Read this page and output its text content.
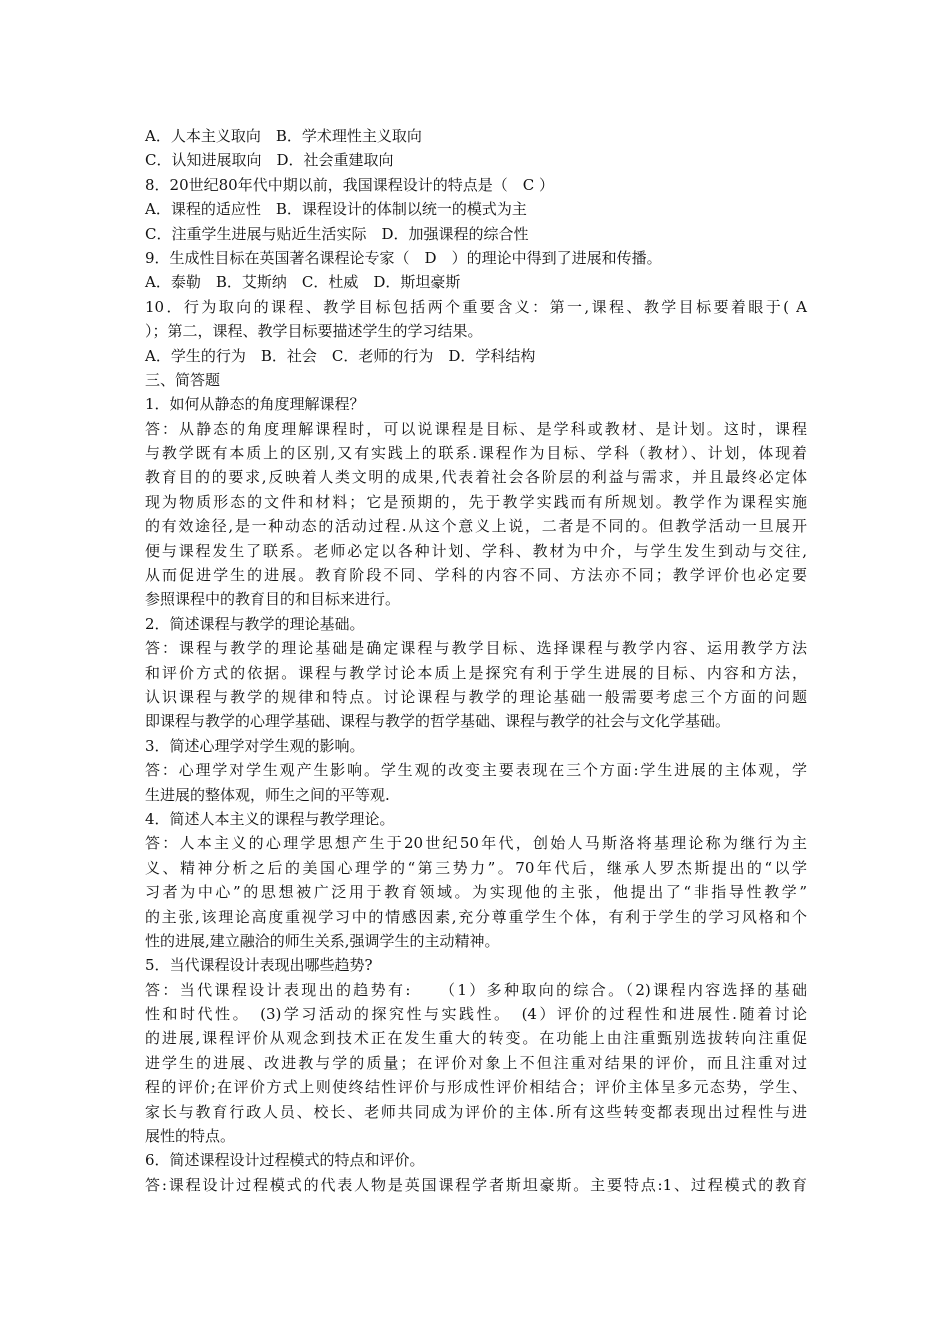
A．人本主义取向　B．学术理性主义取向
C．认知进展取向　D．社会重建取向
8．20世纪80年代中期以前，我国课程设计的特点是（　C ）
A．课程的适应性　B．课程设计的体制以统一的模式为主
C．注重学生进展与贴近生活实际　D．加强课程的综合性
9．生成性目标在英国著名课程论专家（　D　）的理论中得到了进展和传播。
A．泰勒　B．艾斯纳　C．杜威　D．斯坦豪斯
10．行为取向的课程、教学目标包括两个重要含义：第一,课程、教学目标要着眼于( A
）；第二，课程、教学目标要描述学生的学习结果。
A．学生的行为　B．社会　C．老师的行为　D．学科结构
三、简答题
1．如何从静态的角度理解课程？
答：从静态的角度理解课程时，可以说课程是目标、是学科或教材、是计划。这时，课程
与教学既有本质上的区别,又有实践上的联系.课程作为目标、学科（教材）、计划，体现着
教育目的的要求,反映着人类文明的成果,代表着社会各阶层的利益与需求，并且最终必定体
现为物质形态的文件和材料；它是预期的，先于教学实践而有所规划。教学作为课程实施
的有效途径,是一种动态的活动过程.从这个意义上说，二者是不同的。但教学活动一旦展开
便与课程发生了联系。老师必定以各种计划、学科、教材为中介，与学生发生到动与交往,
从而促进学生的进展。教育阶段不同、学科的内容不同、方法亦不同；教学评价也必定要
参照课程中的教育目的和目标来进行。
2．简述课程与教学的理论基础。
答：课程与教学的理论基础是确定课程与教学目标、选择课程与教学内容、运用教学方法
和评价方式的依据。课程与教学讨论本质上是探究有利于学生进展的目标、内容和方法，
认识课程与教学的规律和特点。讨论课程与教学的理论基础一般需要考虑三个方面的问题
即课程与教学的心理学基础、课程与教学的哲学基础、课程与教学的社会与文化学基础。
3．简述心理学对学生观的影响。
答：心理学对学生观产生影响。学生观的改变主要表现在三个方面:学生进展的主体观，学
生进展的整体观，师生之间的平等观.
4．简述人本主义的课程与教学理论。
答：人本主义的心理学思想产生于20世纪50年代，创始人马斯洛将基理论称为继行为主
义、精神分析之后的美国心理学的“第三势力”。70年代后，继承人罗杰斯提出的“以学
习者为中心”的思想被广泛用于教育领域。为实现他的主张，他提出了“非指导性教学”
的主张,该理论高度重视学习中的情感因素,充分尊重学生个体，有利于学生的学习风格和个
性的进展,建立融洽的师生关系,强调学生的主动精神。
5．当代课程设计表现出哪些趋势?
答：当代课程设计表现出的趋势有:　　（1）多种取向的综合。（2)课程内容选择的基础
性和时代性。　(3)学习活动的探究性与实践性。　(4）评价的过程性和进展性.随着讨论
的进展,课程评价从观念到技术正在发生重大的转变。在功能上由注重甄别选拔转向注重促
进学生的进展、改进教与学的质量；在评价对象上不但注重对结果的评价，而且注重对过
程的评价;在评价方式上则使终结性评价与形成性评价相结合；评价主体呈多元态势，学生、
家长与教育行政人员、校长、老师共同成为评价的主体.所有这些转变都表现出过程性与进
展性的特点。
6．简述课程设计过程模式的特点和评价。
答:课程设计过程模式的代表人物是英国课程学者斯坦豪斯。主要特点:1、过程模式的教育
